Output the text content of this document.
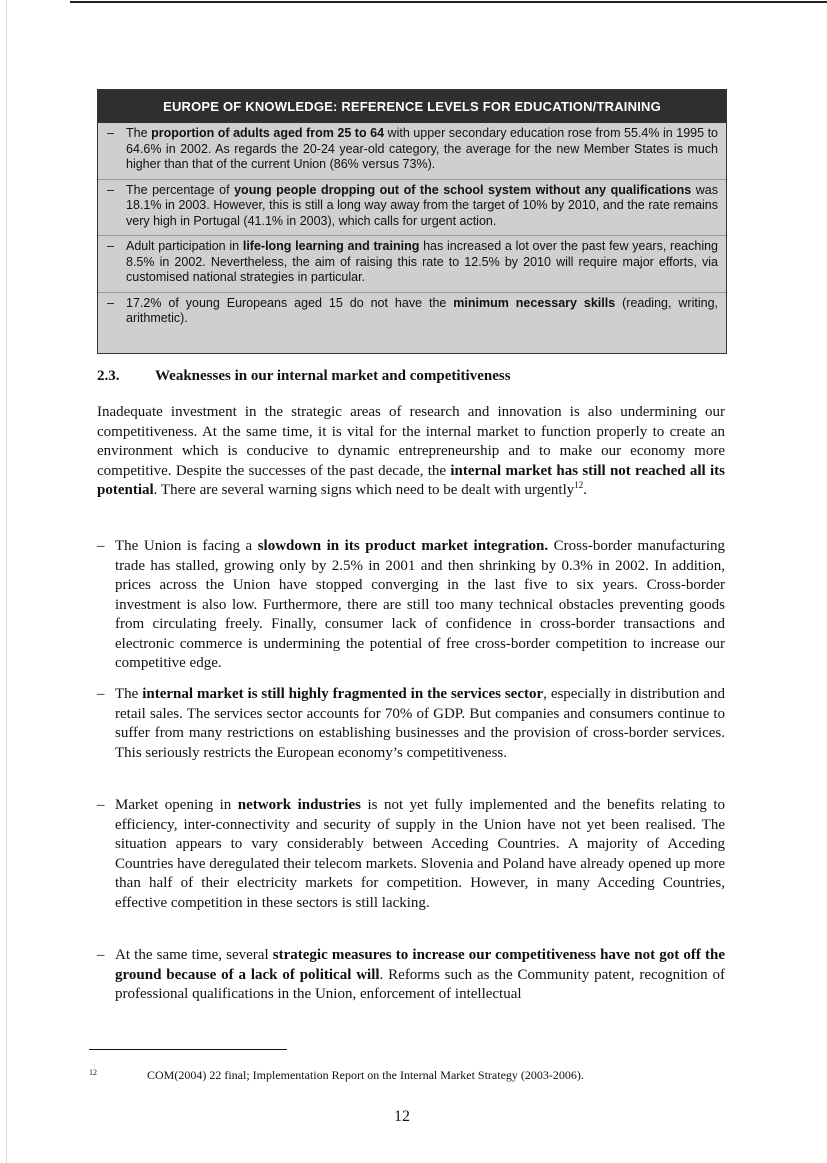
EUROPE OF KNOWLEDGE: REFERENCE LEVELS FOR EDUCATION/TRAINING
– The proportion of adults aged from 25 to 64 with upper secondary education rose from 55.4% in 1995 to 64.6% in 2002. As regards the 20-24 year-old category, the average for the new Member States is much higher than that of the current Union (86% versus 73%).
– The percentage of young people dropping out of the school system without any qualifications was 18.1% in 2003. However, this is still a long way away from the target of 10% by 2010, and the rate remains very high in Portugal (41.1% in 2003), which calls for urgent action.
– Adult participation in life-long learning and training has increased a lot over the past few years, reaching 8.5% in 2002. Nevertheless, the aim of raising this rate to 12.5% by 2010 will require major efforts, via customised national strategies in particular.
– 17.2% of young Europeans aged 15 do not have the minimum necessary skills (reading, writing, arithmetic).
2.3. Weaknesses in our internal market and competitiveness

Inadequate investment in the strategic areas of research and innovation is also undermining our competitiveness. At the same time, it is vital for the internal market to function properly to create an environment which is conducive to dynamic entrepreneurship and to make our economy more competitive. Despite the successes of the past decade, the internal market has still not reached all its potential. There are several warning signs which need to be dealt with urgently$^{12}$.

– The Union is facing a slowdown in its product market integration. Cross-border manufacturing trade has stalled, growing only by 2.5% in 2001 and then shrinking by 0.3% in 2002. In addition, prices across the Union have stopped converging in the last five to six years. Cross-border investment is also low. Furthermore, there are still too many technical obstacles preventing goods from circulating freely. Finally, consumer lack of confidence in cross-border transactions and electronic commerce is undermining the potential of free cross-border competition to increase our competitive edge.
– The internal market is still highly fragmented in the services sector, especially in distribution and retail sales. The services sector accounts for 70% of GDP. But companies and consumers continue to suffer from many restrictions on establishing businesses and the provision of cross-border services. This seriously restricts the European economy’s competitiveness.
– Market opening in network industries is not yet fully implemented and the benefits relating to efficiency, inter-connectivity and security of supply in the Union have not yet been realised. The situation appears to vary considerably between Acceding Countries. A majority of Acceding Countries have deregulated their telecom markets. Slovenia and Poland have already opened up more than half of their electricity markets for competition. However, in many Acceding Countries, effective competition in these sectors is still lacking.
– At the same time, several strategic measures to increase our competitiveness have not got off the ground because of a lack of political will. Reforms such as the Community patent, recognition of professional qualifications in the Union, enforcement of intellectual
12	COM(2004) 22 final; Implementation Report on the Internal Market Strategy (2003-2006).
12
